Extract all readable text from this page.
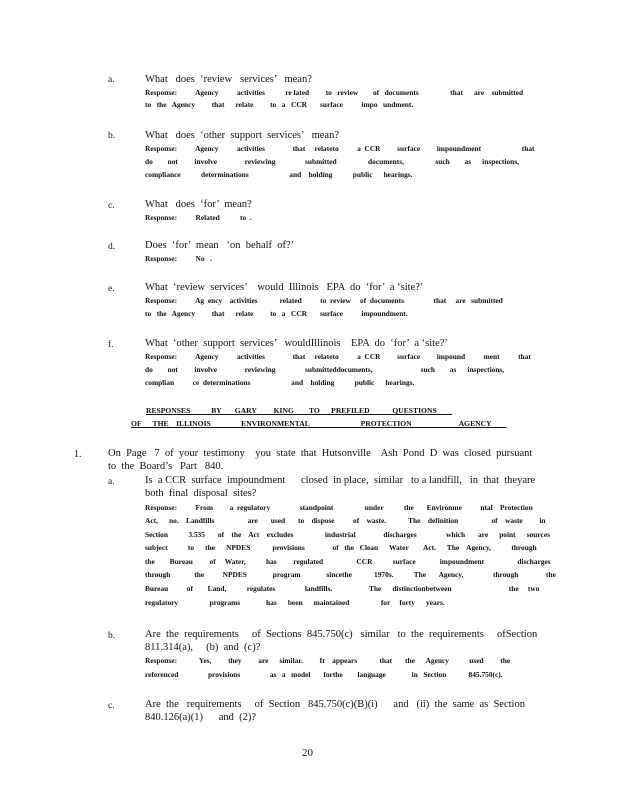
a.	What   does  ‘review   services’   mean?
Response:          Agency          activities           re lated         to   review        of   documents                 that      are    submitted
to   the   Agency         that      relate         to   a   CCR       surface          impo   undment.
b.	What   does  ‘other  support  services’   mean?
Response:          Agency          activities               that     relateto          a  CCR         surface         impoundment                      that
do        not         involve               reviewing                submitted                 documents,                 such        as      inspections,
compliance           determinations                      and    holding           public      hearings.
c.	What   does  ‘for’  mean?
Response:          Related           to  .
d.	Does  ‘for’  mean   ‘on  behalf  of?’
Response:          No   .
e.	What  ‘review  services’    would  Illinois   EPA  do  ‘for’  a ‘site?’
Response:          Ag  ency    activities            related          to  review     of  documents                that     are   submitted
to   the   Agency         that      relate         to   a   CCR       surface          impoundment.
f.	What  ‘other  support  services’   wouldIllinois    EPA  do  ‘for’  a ‘site?’
Response:          Agency          activities               that     relateto          a  CCR         surface         impound          ment          that
do        not         involve               reviewing                submitteddocuments,                          such        as      inspections,
complian          ce  determinations                      and    holding           public      hearings.
RESPONSES           BY       GARY         KING        TO      PREFILED            QUESTIONS
OF      THE    ILLINOIS                ENVIRONMENTAL                           PROTECTION                         AGENCY
1.	On  Page   7  of  your  testimony    you  state  that  Hutsonville    Ash  Pond  D  was  closed  pursuant
to  the  Board’s   Part   840.
a.	Is  a CCR  surface  impoundment      closed  in place,  similar   to a landfill,   in  that  theyare
both  final  disposal  sites?
Response:          From         a  regulatory                standpoint                 under           the       Environme          ntal    Protection
Act,      no.    Landfills                  are       used       to    dispose          of    waste.            The    definition                  of    waste         in
Section           3.535       of    the    Act    excludes                 industrial               discharges                which       are      point      sources
subject           to      the      NPDES            provisions               of   the   Clean      Water        Act.      The    Agency,           through
the        Bureau         of     Water,           has         regulated                  CCR           surface             impoundment                  discharges
through             the          NPDES              program              sincethe            1970s.           The       Agency,                through               the
Bureau          of        Land,           regulates                landfills.                    The      distinctionbetween                               the     two
regulatory                 programs              has      been      maintained                 for     forty      years.
b.	Are  the  requirements     of  Sections  845.750(c)   similar   to  the  requirements     ofSection
811.314(a),     (b)  and  (c)?
Response:            Yes,         they         are      similar.         It    appears            that       the      Agency           used         the
referenced                provisions                as   a   model       forthe        language              in   Section            845.750(c).
c.	Are  the   requirements     of  Section   845.750(c)(B)(i)      and   (ii)  the  same  as  Section
840.126(a)(1)      and  (2)?
20
